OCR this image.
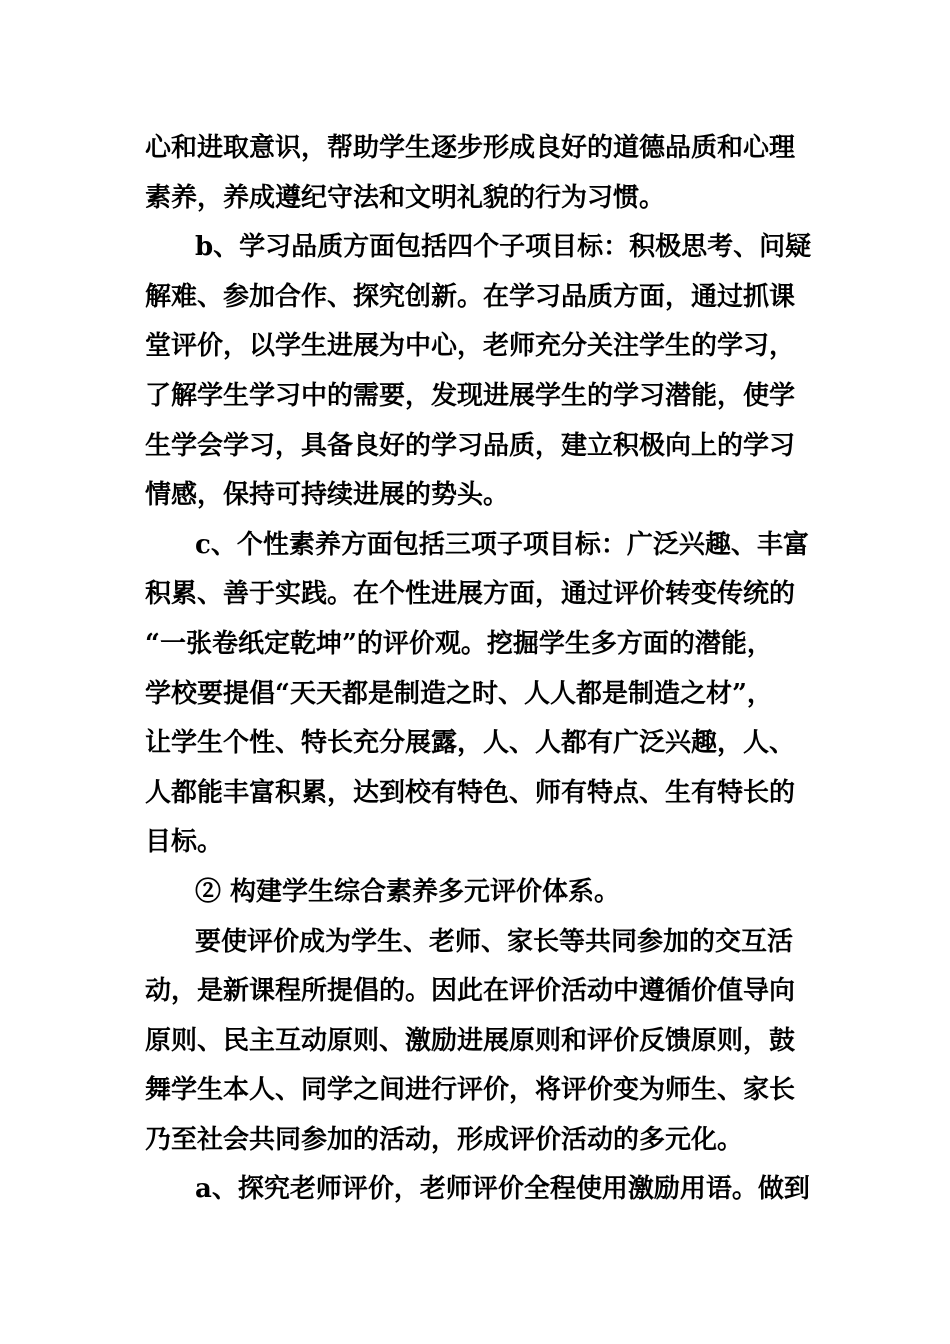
心和进取意识，帮助学生逐步形成良好的道德品质和心理
素养，养成遵纪守法和文明礼貌的行为习惯。
b、学习品质方面包括四个子项目标：积极思考、问疑
解难、参加合作、探究创新。在学习品质方面，通过抓课
堂评价，以学生进展为中心，老师充分关注学生的学习，
了解学生学习中的需要，发现进展学生的学习潜能，使学
生学会学习，具备良好的学习品质，建立积极向上的学习
情感，保持可持续进展的势头。
c、个性素养方面包括三项子项目标：广泛兴趣、丰富
积累、善于实践。在个性进展方面，通过评价转变传统的
“一张卷纸定乾坤”的评价观。挖掘学生多方面的潜能，
学校要提倡“天天都是制造之时、人人都是制造之材”，
让学生个性、特长充分展露，人、人都有广泛兴趣，人、
人都能丰富积累，达到校有特色、师有特点、生有特长的
目标。
② 构建学生综合素养多元评价体系。
要使评价成为学生、老师、家长等共同参加的交互活
动，是新课程所提倡的。因此在评价活动中遵循价值导向
原则、民主互动原则、激励进展原则和评价反馈原则，鼓
舞学生本人、同学之间进行评价，将评价变为师生、家长
乃至社会共同参加的活动，形成评价活动的多元化。
a、探究老师评价，老师评价全程使用激励用语。做到
